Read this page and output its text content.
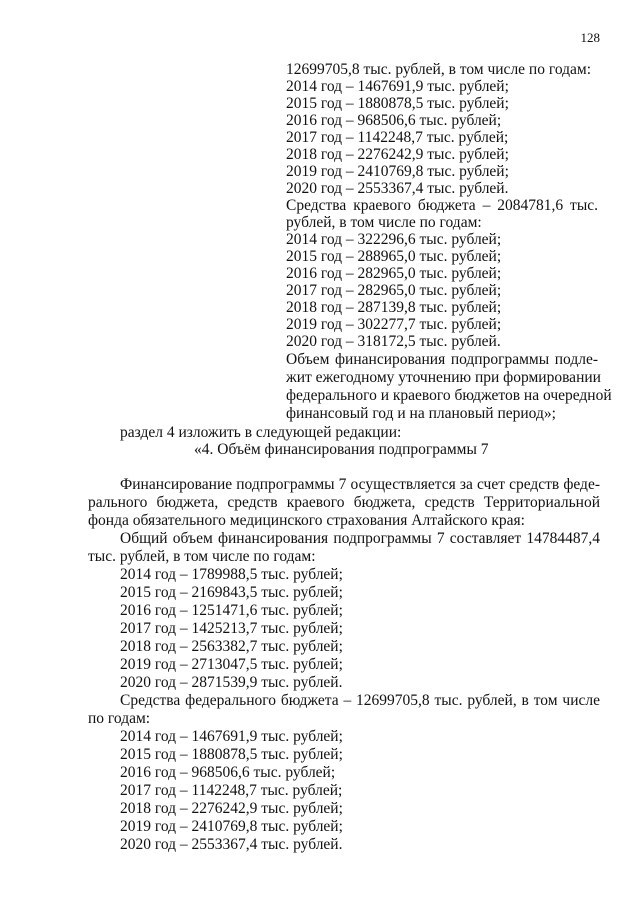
128
12699705,8 тыс. рублей, в том числе по годам:
2014 год – 1467691,9 тыс. рублей;
2015 год – 1880878,5 тыс. рублей;
2016 год – 968506,6 тыс. рублей;
2017 год – 1142248,7 тыс. рублей;
2018 год – 2276242,9 тыс. рублей;
2019 год – 2410769,8 тыс. рублей;
2020 год – 2553367,4 тыс. рублей.
Средства краевого бюджета – 2084781,6 тыс.
рублей, в том числе по годам:
2014 год – 322296,6 тыс. рублей;
2015 год – 288965,0 тыс. рублей;
2016 год – 282965,0 тыс. рублей;
2017 год – 282965,0 тыс. рублей;
2018 год – 287139,8 тыс. рублей;
2019 год – 302277,7 тыс. рублей;
2020 год – 318172,5 тыс. рублей.
Объем финансирования подпрограммы подле-
жит ежегодному уточнению при формировании
федерального и краевого бюджетов на очередной
финансовый год и на плановый период»;
раздел 4 изложить в следующей редакции:
«4. Объём финансирования подпрограммы 7
Финансирование подпрограммы 7 осуществляется за счет средств феде-
рального бюджета, средств краевого бюджета, средств Территориальной
фонда обязательного медицинского страхования Алтайского края:
Общий объем финансирования подпрограммы 7 составляет 14784487,4
тыс. рублей, в том числе по годам:
2014 год – 1789988,5 тыс. рублей;
2015 год – 2169843,5 тыс. рублей;
2016 год – 1251471,6 тыс. рублей;
2017 год – 1425213,7 тыс. рублей;
2018 год – 2563382,7 тыс. рублей;
2019 год – 2713047,5 тыс. рублей;
2020 год – 2871539,9 тыс. рублей.
Средства федерального бюджета – 12699705,8 тыс. рублей, в том числе
по годам:
2014 год – 1467691,9 тыс. рублей;
2015 год – 1880878,5 тыс. рублей;
2016 год – 968506,6 тыс. рублей;
2017 год – 1142248,7 тыс. рублей;
2018 год – 2276242,9 тыс. рублей;
2019 год – 2410769,8 тыс. рублей;
2020 год – 2553367,4 тыс. рублей.
